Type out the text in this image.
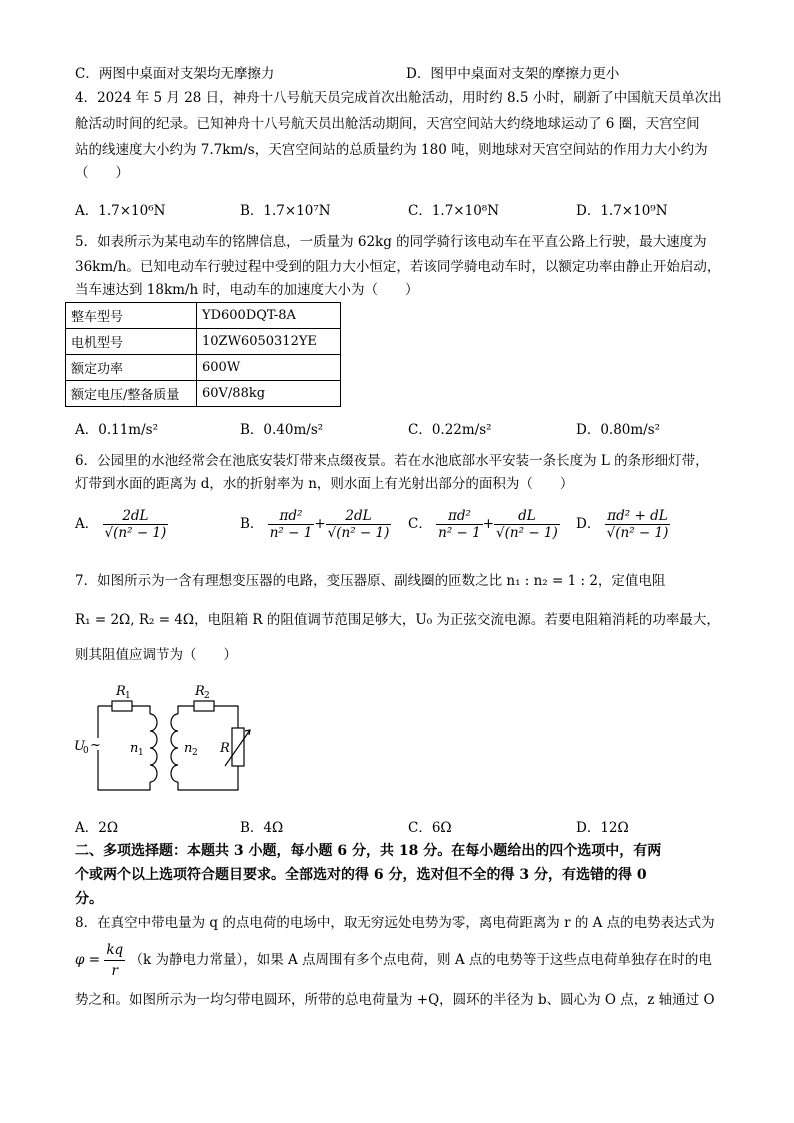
C．两图中桌面对支架均无摩擦力	D．图甲中桌面对支架的摩擦力更小
4．2024 年 5 月 28 日，神舟十八号航天员完成首次出舱活动，用时约 8.5 小时，刷新了中国航天员单次出
舱活动时间的纪录。已知神舟十八号航天员出舱活动期间，天宫空间站大约绕地球运动了 6 圈，天宫空间
站的线速度大小约为 7.7km/s，天宫空间站的总质量约为 180 吨，则地球对天宫空间站的作用力大小约为
（　　）
A．1.7×10⁶N	B．1.7×10⁷N	C．1.7×10⁸N	D．1.7×10⁹N
5．如表所示为某电动车的铭牌信息，一质量为 62kg 的同学骑行该电动车在平直公路上行驶，最大速度为
36km/h。已知电动车行驶过程中受到的阻力大小恒定，若该同学骑电动车时，以额定功率由静止开始启动，
当车速达到 18km/h 时，电动车的加速度大小为（　　）
整车型号	YD600DQT-8A
电机型号	10ZW6050312YE
额定功率	600W
额定电压/整备质量	60V/88kg
A．0.11m/s²	B．0.40m/s²	C．0.22m/s²	D．0.80m/s²
6．公园里的水池经常会在池底安装灯带来点缀夜景。若在水池底部水平安装一条长度为 L 的条形细灯带，
灯带到水面的距离为 d，水的折射率为 n，则水面上有光射出部分的面积为（　　）
A． $\frac{2dL}{\text{√(n² − 1)}}$	B． $\frac{\text{πd²}}{\text{n² − 1}} + \frac{2dL}{\text{√(n² − 1)}}$ C． $\frac{\text{πd²}}{\text{n² − 1}} + \frac{dL}{\text{√(n² − 1)}}$ D． $\frac{\text{πd² + dL}}{\text{√(n² − 1)}}$
7．如图所示为一含有理想变压器的电路，变压器原、副线圈的匝数之比 n₁ : n₂ = 1 : 2，定值电阻
R₁ = 2Ω, R₂ = 4Ω，电阻箱 R 的阻值调节范围足够大，U₀ 为正弦交流电源。若要电阻箱消耗的功率最大，
则其阻值应调节为（　　）
R 1	R 2
U
0 ~ n 1	n 2 R
A．2Ω	B．4Ω	C．6Ω	D．12Ω
二、多项选择题：本题共 3 小题，每小题 6 分，共 18 分。在每小题给出的四个选项中，有两
个或两个以上选项符合题目要求。全部选对的得 6 分，选对但不全的得 3 分，有选错的得 0
分。
8．在真空中带电量为 q 的点电荷的电场中，取无穷远处电势为零，离电荷距离为 r 的 A 点的电势表达式为
$\varphi = \frac{kq}{r} (k$ 为静电力常量），如果 A 点周围有多个点电荷，则 A 点的电势等于这些点电荷单独存在时的电
势之和。如图所示为一均匀带电圆环，所带的总电荷量为 +Q，圆环的半径为 b、圆心为 O 点，z 轴通过 O
